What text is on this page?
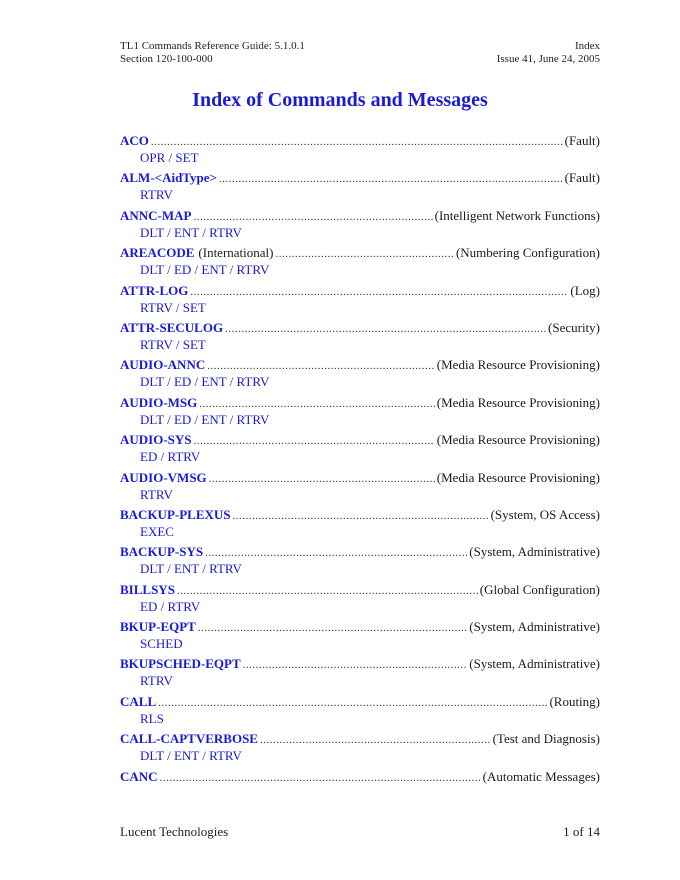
TL1 Commands Reference Guide: 5.1.0.1	Index
Section 120-100-000	Issue 41, June 24, 2005
Index of Commands and Messages
ACO .....	(Fault)
OPR / SET
ALM-<AidType> .....	(Fault)
RTRV
ANNC-MAP .....	(Intelligent Network Functions)
DLT / ENT / RTRV
AREACODE (International) .....	(Numbering Configuration)
DLT / ED / ENT / RTRV
ATTR-LOG .....	(Log)
RTRV / SET
ATTR-SECULOG .....	(Security)
RTRV / SET
AUDIO-ANNC .....	(Media Resource Provisioning)
DLT / ED / ENT / RTRV
AUDIO-MSG .....	(Media Resource Provisioning)
DLT / ED / ENT / RTRV
AUDIO-SYS .....	(Media Resource Provisioning)
ED / RTRV
AUDIO-VMSG .....	(Media Resource Provisioning)
RTRV
BACKUP-PLEXUS .....	(System, OS Access)
EXEC
BACKUP-SYS .....	(System, Administrative)
DLT / ENT / RTRV
BILLSYS .....	(Global Configuration)
ED / RTRV
BKUP-EQPT .....	(System, Administrative)
SCHED
BKUPSCHED-EQPT .....	(System, Administrative)
RTRV
CALL .....	(Routing)
RLS
CALL-CAPTVERBOSE .....	(Test and Diagnosis)
DLT / ENT / RTRV
CANC .....	(Automatic Messages)
Lucent Technologies	1 of 14
